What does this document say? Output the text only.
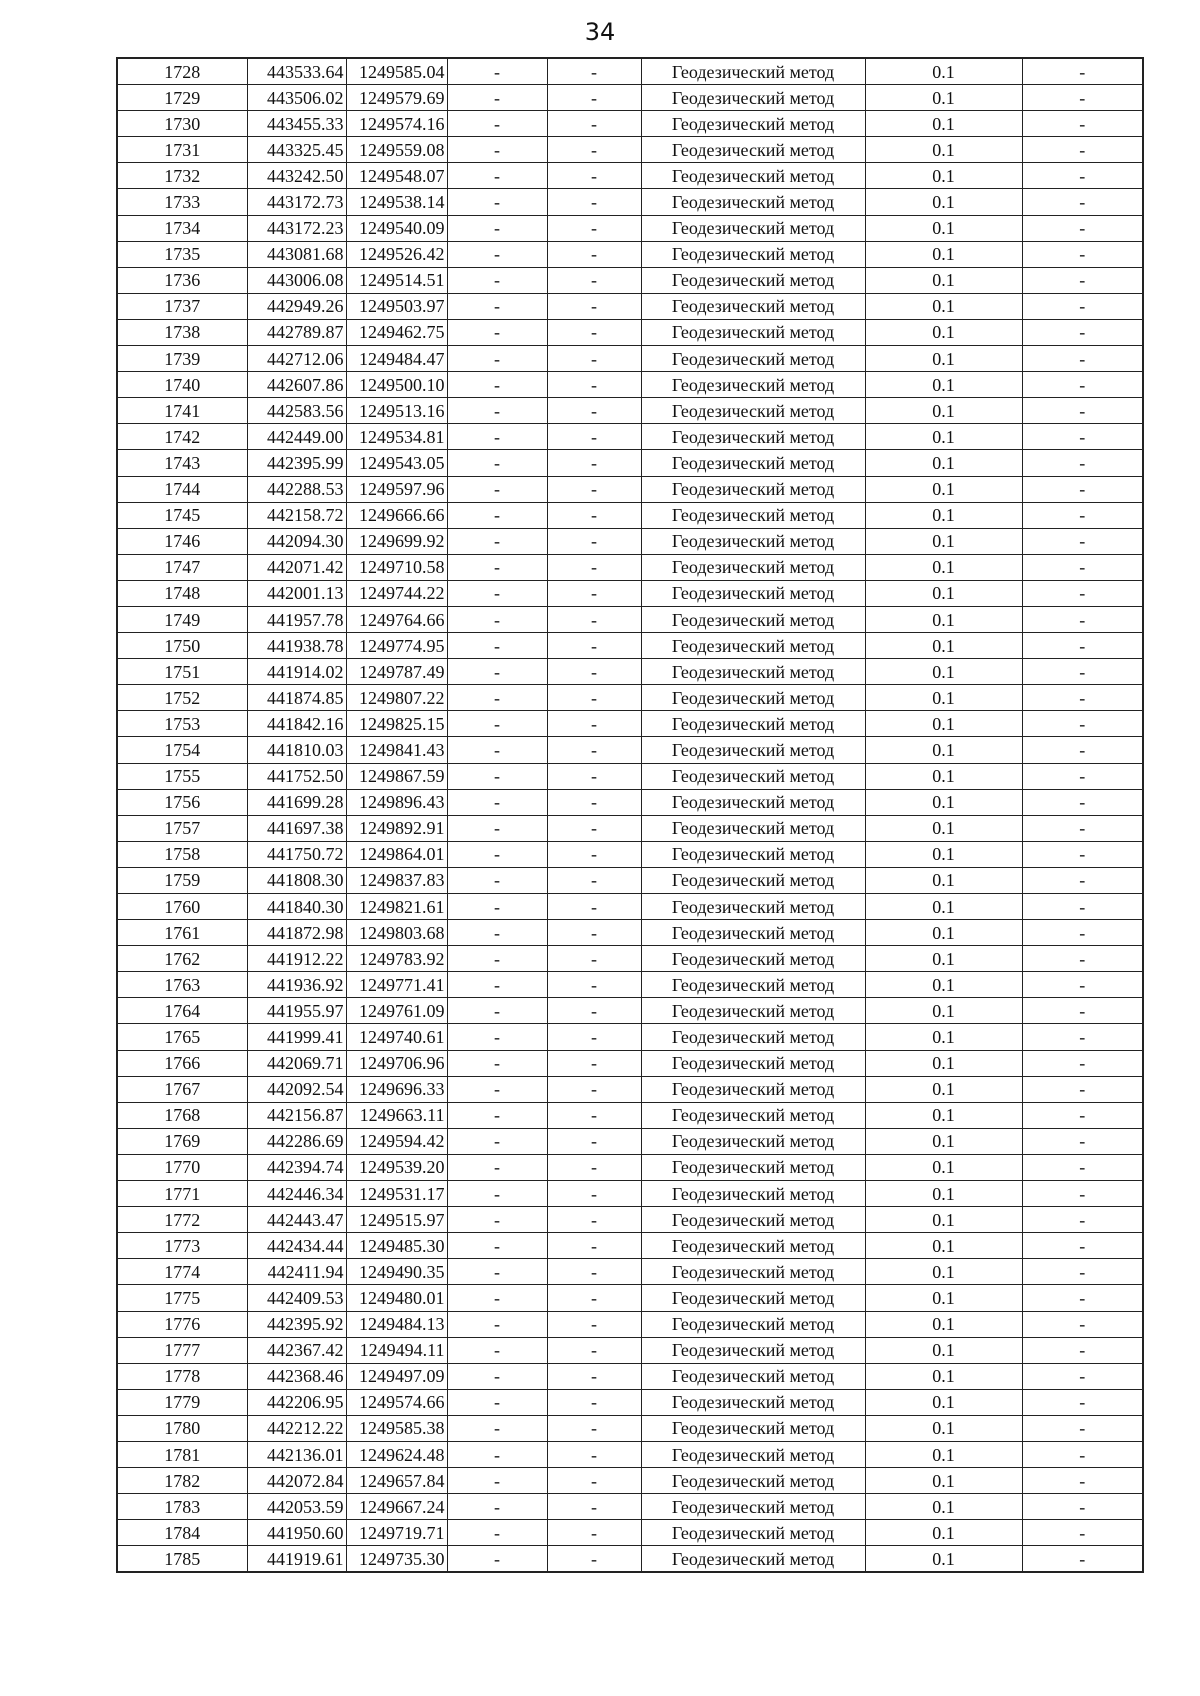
34
1728	443533.64	1249585.04	-	-	Геодезический метод	0.1	-
1729	443506.02	1249579.69	-	-	Геодезический метод	0.1	-
1730	443455.33	1249574.16	-	-	Геодезический метод	0.1	-
1731	443325.45	1249559.08	-	-	Геодезический метод	0.1	-
1732	443242.50	1249548.07	-	-	Геодезический метод	0.1	-
1733	443172.73	1249538.14	-	-	Геодезический метод	0.1	-
1734	443172.23	1249540.09	-	-	Геодезический метод	0.1	-
1735	443081.68	1249526.42	-	-	Геодезический метод	0.1	-
1736	443006.08	1249514.51	-	-	Геодезический метод	0.1	-
1737	442949.26	1249503.97	-	-	Геодезический метод	0.1	-
1738	442789.87	1249462.75	-	-	Геодезический метод	0.1	-
1739	442712.06	1249484.47	-	-	Геодезический метод	0.1	-
1740	442607.86	1249500.10	-	-	Геодезический метод	0.1	-
1741	442583.56	1249513.16	-	-	Геодезический метод	0.1	-
1742	442449.00	1249534.81	-	-	Геодезический метод	0.1	-
1743	442395.99	1249543.05	-	-	Геодезический метод	0.1	-
1744	442288.53	1249597.96	-	-	Геодезический метод	0.1	-
1745	442158.72	1249666.66	-	-	Геодезический метод	0.1	-
1746	442094.30	1249699.92	-	-	Геодезический метод	0.1	-
1747	442071.42	1249710.58	-	-	Геодезический метод	0.1	-
1748	442001.13	1249744.22	-	-	Геодезический метод	0.1	-
1749	441957.78	1249764.66	-	-	Геодезический метод	0.1	-
1750	441938.78	1249774.95	-	-	Геодезический метод	0.1	-
1751	441914.02	1249787.49	-	-	Геодезический метод	0.1	-
1752	441874.85	1249807.22	-	-	Геодезический метод	0.1	-
1753	441842.16	1249825.15	-	-	Геодезический метод	0.1	-
1754	441810.03	1249841.43	-	-	Геодезический метод	0.1	-
1755	441752.50	1249867.59	-	-	Геодезический метод	0.1	-
1756	441699.28	1249896.43	-	-	Геодезический метод	0.1	-
1757	441697.38	1249892.91	-	-	Геодезический метод	0.1	-
1758	441750.72	1249864.01	-	-	Геодезический метод	0.1	-
1759	441808.30	1249837.83	-	-	Геодезический метод	0.1	-
1760	441840.30	1249821.61	-	-	Геодезический метод	0.1	-
1761	441872.98	1249803.68	-	-	Геодезический метод	0.1	-
1762	441912.22	1249783.92	-	-	Геодезический метод	0.1	-
1763	441936.92	1249771.41	-	-	Геодезический метод	0.1	-
1764	441955.97	1249761.09	-	-	Геодезический метод	0.1	-
1765	441999.41	1249740.61	-	-	Геодезический метод	0.1	-
1766	442069.71	1249706.96	-	-	Геодезический метод	0.1	-
1767	442092.54	1249696.33	-	-	Геодезический метод	0.1	-
1768	442156.87	1249663.11	-	-	Геодезический метод	0.1	-
1769	442286.69	1249594.42	-	-	Геодезический метод	0.1	-
1770	442394.74	1249539.20	-	-	Геодезический метод	0.1	-
1771	442446.34	1249531.17	-	-	Геодезический метод	0.1	-
1772	442443.47	1249515.97	-	-	Геодезический метод	0.1	-
1773	442434.44	1249485.30	-	-	Геодезический метод	0.1	-
1774	442411.94	1249490.35	-	-	Геодезический метод	0.1	-
1775	442409.53	1249480.01	-	-	Геодезический метод	0.1	-
1776	442395.92	1249484.13	-	-	Геодезический метод	0.1	-
1777	442367.42	1249494.11	-	-	Геодезический метод	0.1	-
1778	442368.46	1249497.09	-	-	Геодезический метод	0.1	-
1779	442206.95	1249574.66	-	-	Геодезический метод	0.1	-
1780	442212.22	1249585.38	-	-	Геодезический метод	0.1	-
1781	442136.01	1249624.48	-	-	Геодезический метод	0.1	-
1782	442072.84	1249657.84	-	-	Геодезический метод	0.1	-
1783	442053.59	1249667.24	-	-	Геодезический метод	0.1	-
1784	441950.60	1249719.71	-	-	Геодезический метод	0.1	-
1785	441919.61	1249735.30	-	-	Геодезический метод	0.1	-
